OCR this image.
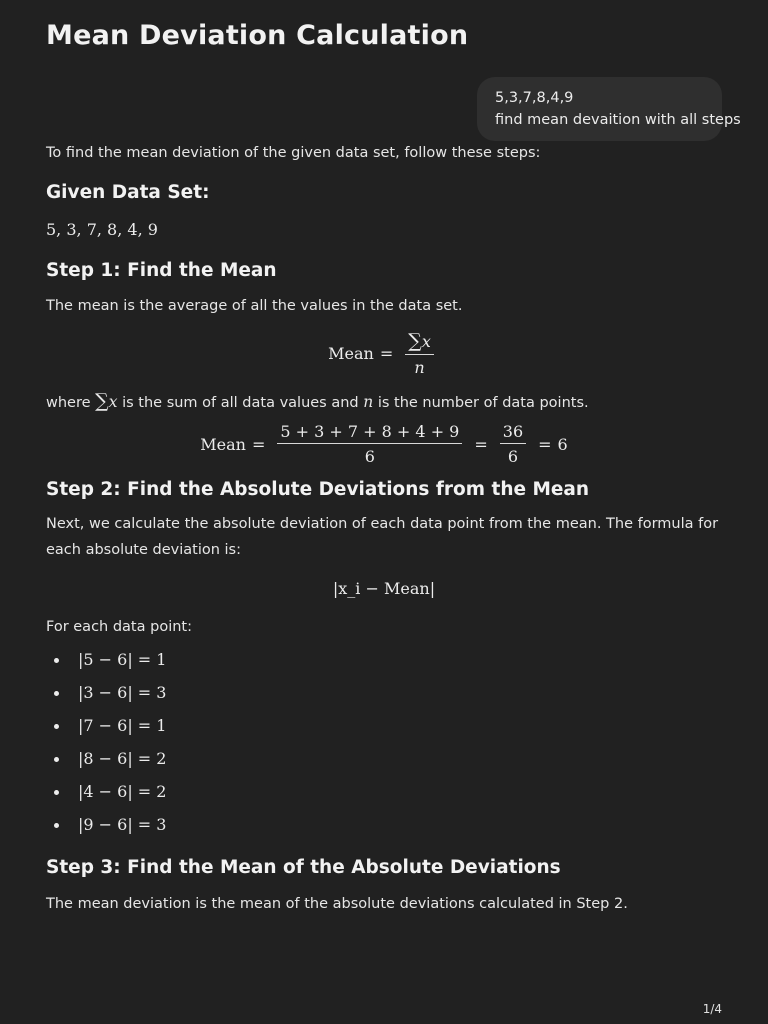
Mean Deviation Calculation
5,3,7,8,4,9
find mean devaition with all steps

To find the mean deviation of the given data set, follow these steps:

Given Data Set:

5, 3, 7, 8, 4, 9

Step 1: Find the Mean

The mean is the average of all the values in the data set.

Mean = $\frac{\sum x}{n}$

where ∑x is the sum of all data values and n is the number of data points.

Mean = $\frac{5 + 3 + 7 + 8 + 4 + 9}{6} = \frac{36}{6} = 6$
Step 2: Find the Absolute Deviations from the Mean

Next, we calculate the absolute deviation of each data point from the mean. The formula for

each absolute deviation is:

|x_i − Mean|

For each data point:

|5 − 6| = 1
|3 − 6| = 3
|7 − 6| = 1
|8 − 6| = 2
|4 − 6| = 2
|9 − 6| = 3
Step 3: Find the Mean of the Absolute Deviations

The mean deviation is the mean of the absolute deviations calculated in Step 2.

1/4
